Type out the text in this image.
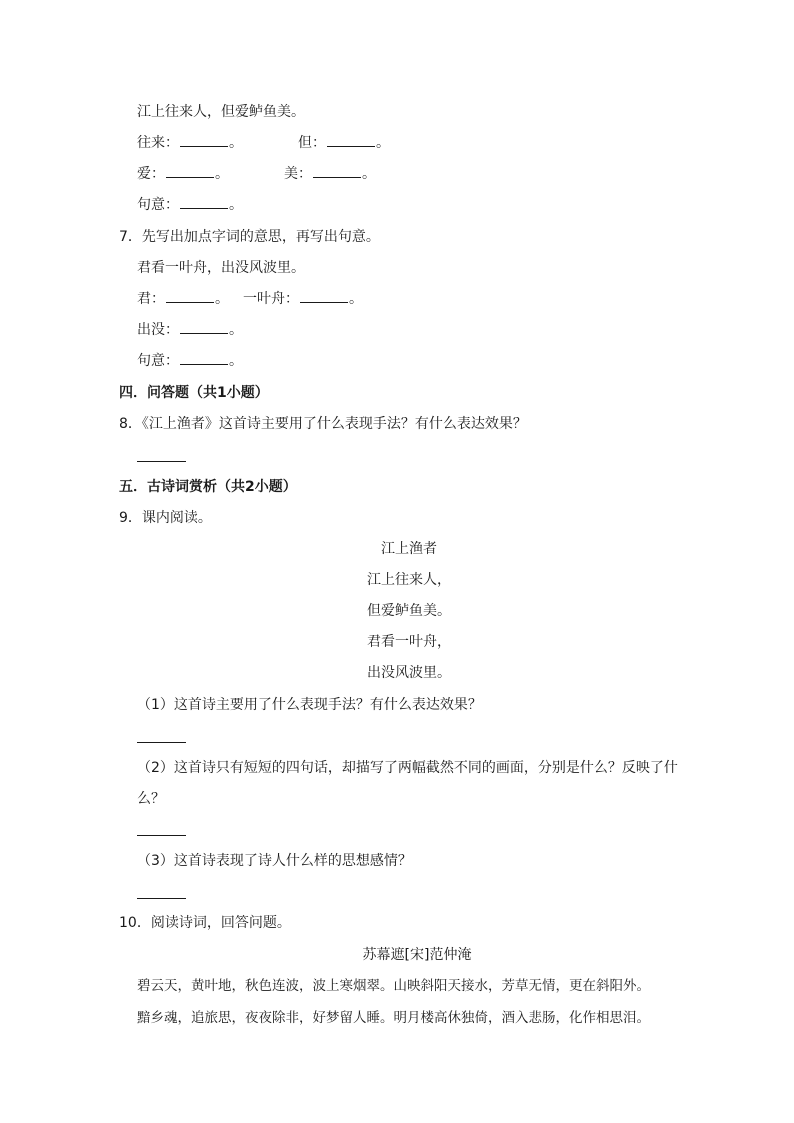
江上往来人，但爱鲈鱼美。
往来：	。	但：	。
爱：	。	美：	。
句意：	。
7．先写出加点字词的意思，再写出句意。
君看一叶舟，出没风波里。
君：	。 一叶舟：	。
出没：	。
句意：	。
四．问答题（共1小题）
8．《江上渔者》这首诗主要用了什么表现手法？有什么表达效果？
五．古诗词赏析（共2小题）
9．课内阅读。
江上渔者
江上往来人，
但爱鲈鱼美。
君看一叶舟，
出没风波里。
（1）这首诗主要用了什么表现手法？有什么表达效果？
（2）这首诗只有短短的四句话，却描写了两幅截然不同的画面，分别是什么？反映了什
么？
（3）这首诗表现了诗人什么样的思想感情？
10．阅读诗词，回答问题。
苏幕遮[宋]范仲淹
碧云天，黄叶地，秋色连波，波上寒烟翠。山映斜阳天接水，芳草无情，更在斜阳外。
黯乡魂，追旅思，夜夜除非，好梦留人睡。明月楼高休独倚，酒入悲肠，化作相思泪。
